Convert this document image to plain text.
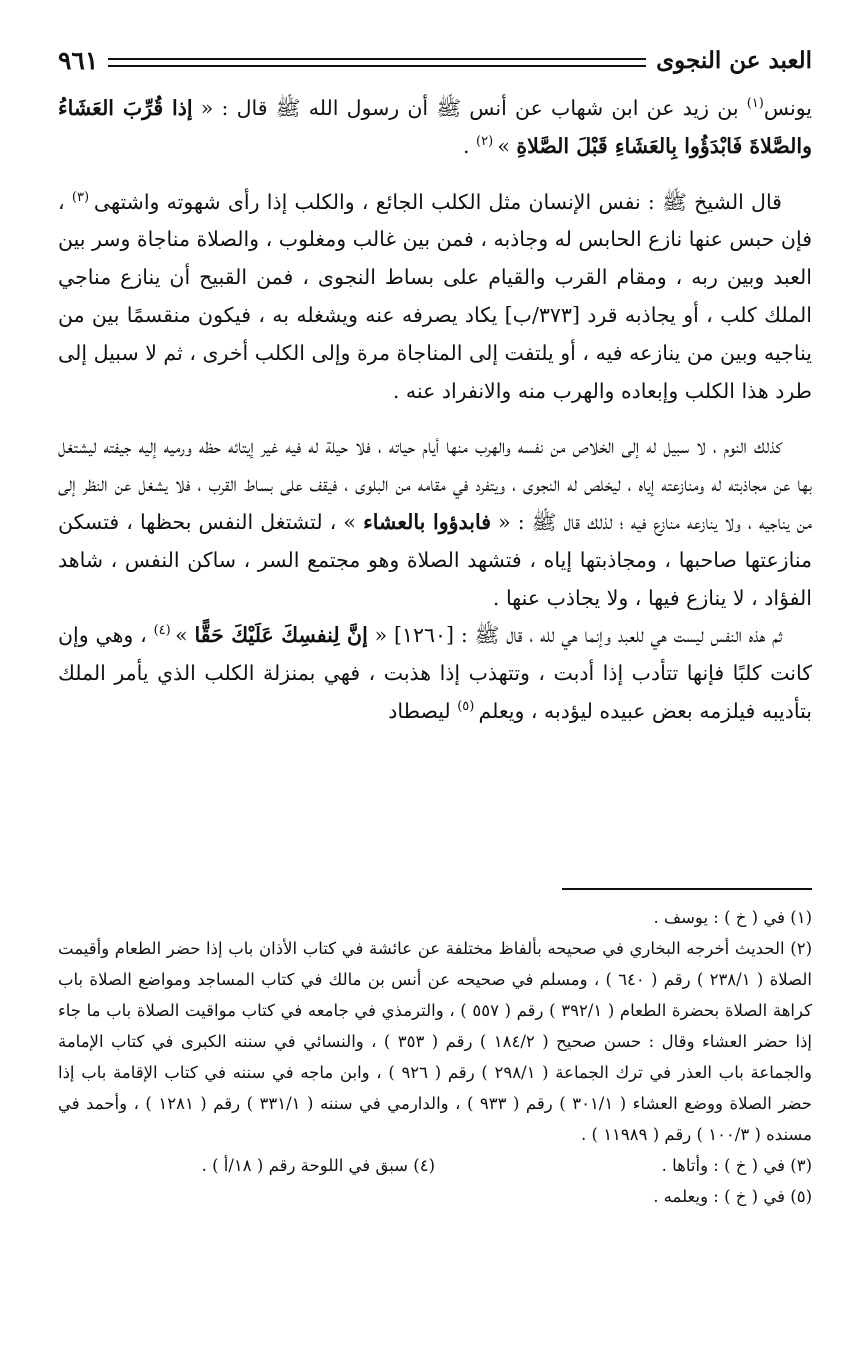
العبد عن النجوى
٩٦١

يونس$^{(١)}$ بن زيد عن ابن شهاب عن أنس ﷺ أن رسول الله ﷺ قال : « إذا قُرِّبَ العَشَاءُ والصَّلاةَ فَابْدَؤُوا بِالعَشَاءِ قَبْلَ الصَّلاةِ » $^{(٢)}$ .

قال الشيخ ﷺ : نفس الإنسان مثل الكلب الجائع ، والكلب إذا رأى شهوته واشتهى $^{(٣)}$ ، فإن حبس عنها نازع الحابس له وجاذبه ، فمن بين غالب ومغلوب ، والصلاة مناجاة وسر بين العبد وبين ربه ، ومقام القرب والقيام على بساط النجوى ، فمن القبيح أن ينازع مناجي الملك كلب ، أو يجاذبه قرد [٣٧٣/ب] يكاد يصرفه عنه ويشغله به ، فيكون منقسمًا بين من يناجيه وبين من ينازعه فيه ، أو يلتفت إلى المناجاة مرة وإلى الكلب أخرى ، ثم لا سبيل إلى طرد هذا الكلب وإبعاده والهرب منه والانفراد عنه .

كذلك النوم ، لا سبيل له إلى الخلاص من نفسه والهرب منها أيام حياته ، فلا حيلة له فيه غير إيتائه حظه ورميه إليه جيفته ليشتغل بها عن مجاذبته له ومنازعته إياه ، ليخلص له النجوى ، ويتفرد في مقامه من البلوى ، فيقف على بساط القرب ، فلا يشغل عن النظر إلى من يناجيه ، ولا ينازعه منازع فيه ؛ لذلك قال ﷺ : « فابدؤوا بالعشاء » ، لتشتغل النفس بحظها ، فتسكن منازعتها صاحبها ، ومجاذبتها إياه ، فتشهد الصلاة وهو مجتمع السر ، ساكن النفس ، شاهد الفؤاد ، لا ينازع فيها ، ولا يجاذب عنها .

ثم هذه النفس ليست هي للعبد وإنما هي لله ، قال ﷺ : [١٢٦٠] « إنَّ لِنفسِكَ عَلَيْكَ حَقًّا » $^{(٤)}$ ، وهي وإن كانت كلبًا فإنها تتأدب إذا أدبت ، وتتهذب إذا هذبت ، فهي بمنزلة الكلب الذي يأمر الملك بتأديبه فيلزمه بعض عبيده ليؤدبه ، ويعلم $^{(٥)}$ ليصطاد

(١) في ( خ ) : يوسف .

(٢) الحديث أخرجه البخاري في صحيحه بألفاظ مختلفة عن عائشة في كتاب الأذان باب إذا حضر الطعام وأقيمت الصلاة ( ٢٣٨/١ ) رقم ( ٦٤٠ ) ، ومسلم في صحيحه عن أنس بن مالك في كتاب المساجد ومواضع الصلاة باب كراهة الصلاة بحضرة الطعام ( ٣٩٢/١ ) رقم ( ٥٥٧ ) ، والترمذي في جامعه في كتاب مواقيت الصلاة باب ما جاء إذا حضر العشاء وقال : حسن صحيح ( ١٨٤/٢ ) رقم ( ٣٥٣ ) ، والنسائي في سننه الكبرى في كتاب الإمامة والجماعة باب العذر في ترك الجماعة ( ٢٩٨/١ ) رقم ( ٩٢٦ ) ، وابن ماجه في سننه في كتاب الإقامة باب إذا حضر الصلاة ووضع العشاء ( ٣٠١/١ ) رقم ( ٩٣٣ ) ، والدارمي في سننه ( ٣٣١/١ ) رقم ( ١٢٨١ ) ، وأحمد في مسنده ( ١٠٠/٣ ) رقم ( ١١٩٨٩ ) .

(٣) في ( خ ) : وأتاها .
(٤) سبق في اللوحة رقم ( ١٨/أ ) .

(٥) في ( خ ) : ويعلمه .
